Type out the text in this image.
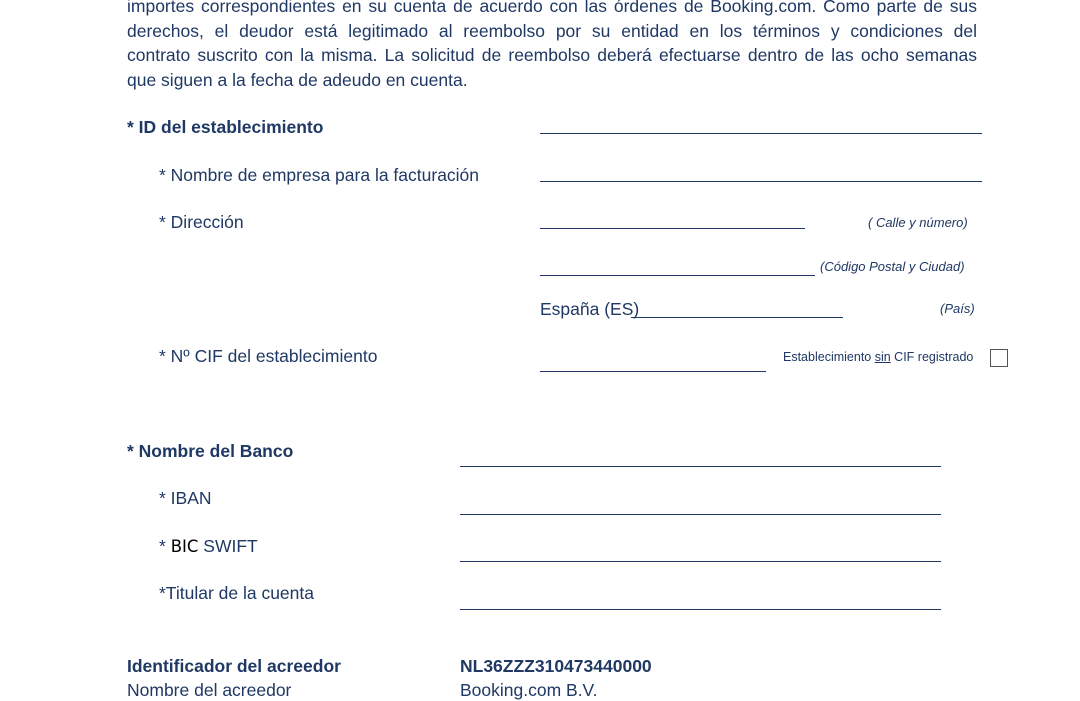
importes correspondientes en su cuenta de acuerdo con las órdenes de Booking.com. Como parte de sus
derechos, el deudor está legitimado al reembolso por su entidad en los términos y condiciones del
contrato suscrito con la misma. La solicitud de reembolso deberá efectuarse dentro de las ocho semanas
que siguen a la fecha de adeudo en cuenta.
* ID del establecimiento
* Nombre de empresa para la facturación
* Dirección	( Calle y número)
(Código Postal y Ciudad)
España (ES)	(País)
* Nº CIF del establecimiento	Establecimiento sin CIF registrado
* Nombre del Banco
* IBAN
* BIC SWIFT
*Titular de la cuenta
Identificador del acreedor	NL36ZZZ310473440000
Nombre del acreedor	Booking.com B.V.
